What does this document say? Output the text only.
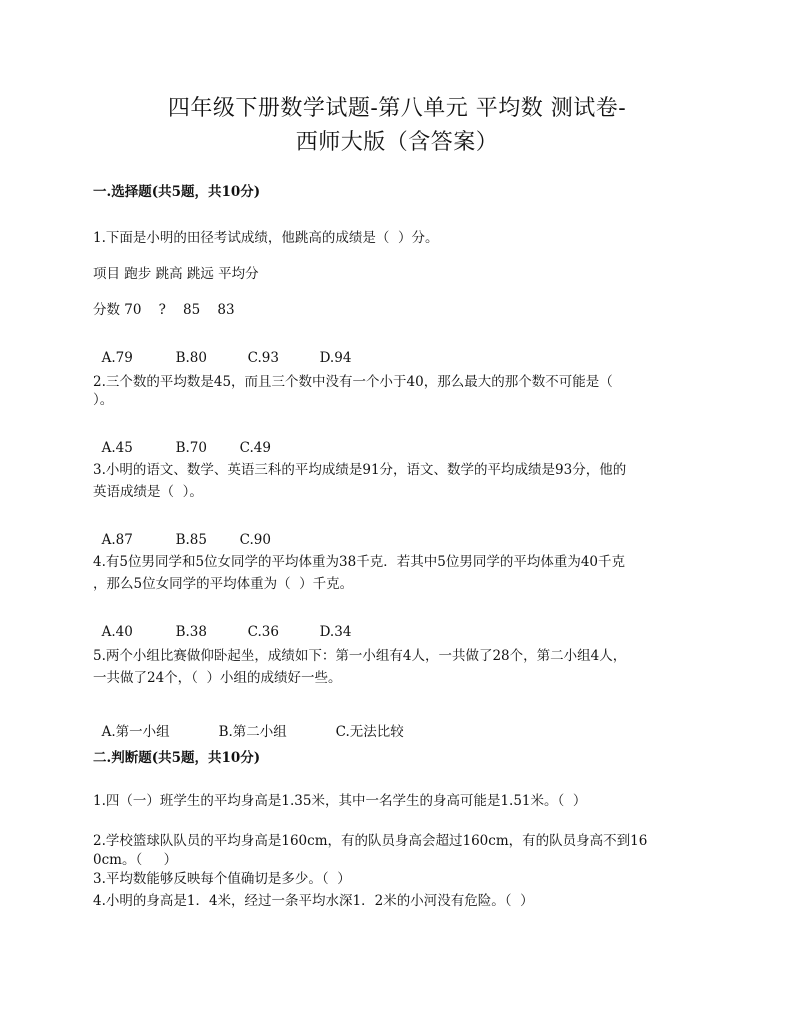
四年级下册数学试题-第八单元 平均数 测试卷-
西师大版（含答案）
一.选择题(共5题，共10分)
1.下面是小明的田径考试成绩，他跳高的成绩是（  ）分。
项目 跑步 跳高 跳远 平均分
分数 70    ?    85    83

A.79	B.80	C.93	D.94

2.三个数的平均数是45，而且三个数中没有一个小于40，那么最大的那个数不可能是（
）。

A.45	B.70 C.49

3.小明的语文、数学、英语三科的平均成绩是91分，语文、数学的平均成绩是93分，他的
英语成绩是（  ）。

A.87	B.85 C.90

4.有5位男同学和5位女同学的平均体重为38千克．若其中5位男同学的平均体重为40千克
，那么5位女同学的平均体重为（  ）千克。

A.40	B.38	C.36	D.34

5.两个小组比赛做仰卧起坐，成绩如下：第一小组有4人，一共做了28个，第二小组4人，
一共做了24个，（  ）小组的成绩好一些。

A.第一小组	B.第二小组	C.无法比较

二.判断题(共5题，共10分)
1.四（一）班学生的平均身高是1.35米，其中一名学生的身高可能是1.51米。（  ）
2.学校篮球队队员的平均身高是160cm，有的队员身高会超过160cm，有的队员身高不到16
0cm。（     ）
3.平均数能够反映每个值确切是多少。（  ）
4.小明的身高是1．4米，经过一条平均水深1．2米的小河没有危险。（  ）
